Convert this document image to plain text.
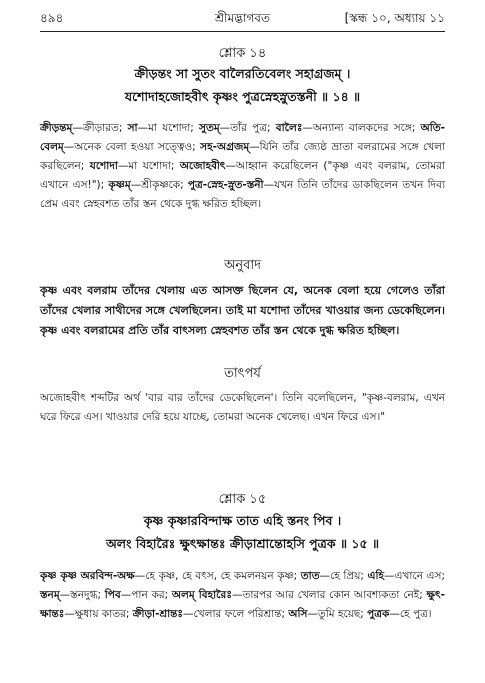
৪৯৪	শ্রীমদ্ভাগবত	[স্কন্ধ ১০, অধ্যায় ১১
শ্লোক ১৪
ক্রীড়ন্তং সা সুতং বালৈরতিবেলং সহাগ্রজম্ ।
যশোদাহজোহবীৎ কৃষ্ণং পুত্রস্নেহস্নুতস্তনী ॥ ১৪ ॥

ক্রীড়ন্তম্—ক্রীড়ারত; সা—মা যশোদা; সুতম্—তাঁর পুত্র; বালৈঃ—অন্যান্য বালকদের সঙ্গে; অতি-বেলম্—অনেক বেলা হওয়া সত্ত্বেও; সহ-অগ্রজম্—যিনি তাঁর জ্যেষ্ঠ ভ্রাতা বলরামের সঙ্গে খেলা করছিলেন; যশোদা—মা যশোদা; অজোহবীৎ—আহ্বান করেছিলেন ("কৃষ্ণ এবং বলরাম, তোমরা এখানে এস!"); কৃষ্ণম্—শ্রীকৃষ্ণকে; পুত্র-স্নেহ-স্নুত-স্তনী—যখন তিনি তাঁদের ডাকছিলেন তখন দিব্য প্রেম এবং স্নেহবশত তাঁর স্তন থেকে দুগ্ধ ক্ষরিত হচ্ছিল।

অনুবাদ

কৃষ্ণ এবং বলরাম তাঁদের খেলায় এত আসক্ত ছিলেন যে, অনেক বেলা হয়ে গেলেও তাঁরা তাঁদের খেলার সাথীদের সঙ্গে খেলছিলেন। তাই মা যশোদা তাঁদের খাওয়ার জন্য ডেকেছিলেন। কৃষ্ণ এবং বলরামের প্রতি তাঁর বাৎসল্য স্নেহবশত তাঁর স্তন থেকে দুগ্ধ ক্ষরিত হচ্ছিল।

তাৎপর্য

অজোহবীৎ শব্দটির অর্থ 'বার বার তাঁদের ডেকেছিলেন'। তিনি বলেছিলেন, "কৃষ্ণ-বলরাম, এখন ঘরে ফিরে এস। খাওয়ার দেরি হয়ে যাচ্ছে, তোমরা অনেক খেলেছ। এখন ফিরে এস।"

শ্লোক ১৫
কৃষ্ণ কৃষ্ণারবিন্দাক্ষ তাত এহি স্তনং পিব ।
অলং বিহারৈঃ ক্ষুৎক্ষান্তঃ ক্রীড়াশ্রান্তোহসি পুত্রক ॥ ১৫ ॥

কৃষ্ণ কৃষ্ণ অরবিন্দ-অক্ষ—হে কৃষ্ণ, হে বৎস, হে কমলনয়ন কৃষ্ণ; তাত—হে প্রিয়; এহি—এখানে এস; স্তনম্—স্তনদুগ্ধ; পিব—পান কর; অলম্ বিহারৈঃ—তারপর আর খেলার কোন আবশ্যকতা নেই; ক্ষুৎ-ক্ষান্তঃ—ক্ষুধায় কাতর; ক্রীড়া-শ্রান্তঃ—খেলার ফলে পরিশ্রান্ত; অসি—তুমি হয়েছ; পুত্রক—হে পুত্র।
